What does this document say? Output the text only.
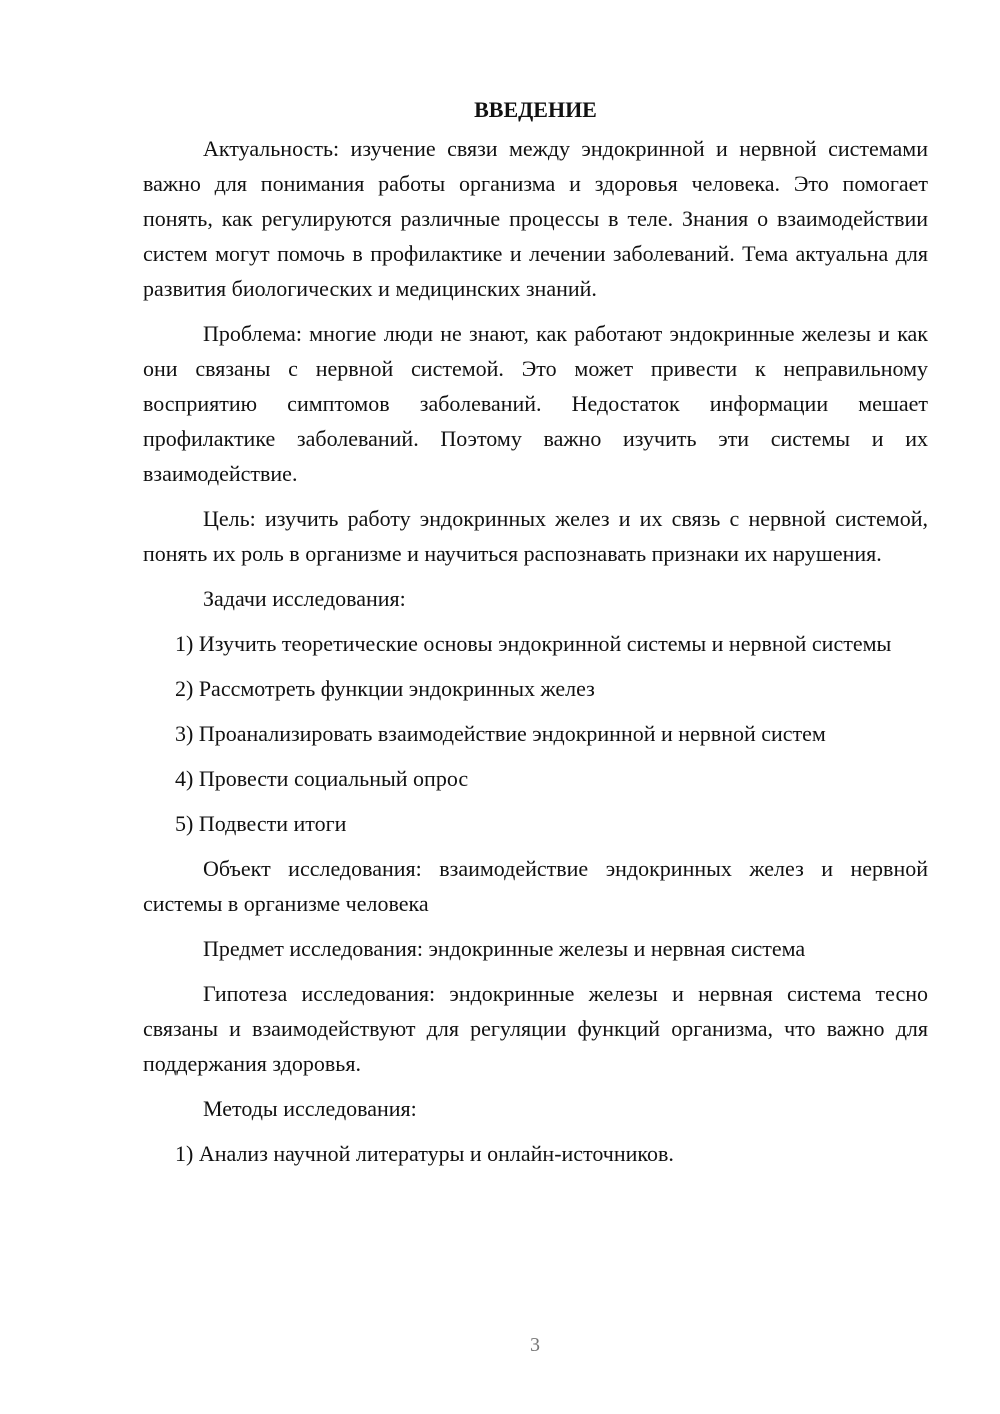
ВВЕДЕНИЕ

Актуальность: изучение связи между эндокринной и нервной системами важно для понимания работы организма и здоровья человека. Это помогает понять, как регулируются различные процессы в теле. Знания о взаимодействии систем могут помочь в профилактике и лечении заболеваний. Тема актуальна для развития биологических и медицинских знаний.

Проблема: многие люди не знают, как работают эндокринные железы и как они связаны с нервной системой. Это может привести к неправильному восприятию симптомов заболеваний. Недостаток информации мешает профилактике заболеваний. Поэтому важно изучить эти системы и их взаимодействие.

Цель: изучить работу эндокринных желез и их связь с нервной системой, понять их роль в организме и научиться распознавать признаки их нарушения.

Задачи исследования:

1) Изучить теоретические основы эндокринной системы и нервной системы

2) Рассмотреть функции эндокринных желез

3) Проанализировать взаимодействие эндокринной и нервной систем

4) Провести социальный опрос

5) Подвести итоги

Объект исследования: взаимодействие эндокринных желез и нервной системы в организме человека

Предмет исследования: эндокринные железы и нервная система

Гипотеза исследования: эндокринные железы и нервная система тесно связаны и взаимодействуют для регуляции функций организма, что важно для поддержания здоровья.

Методы исследования:

1) Анализ научной литературы и онлайн-источников.

3
